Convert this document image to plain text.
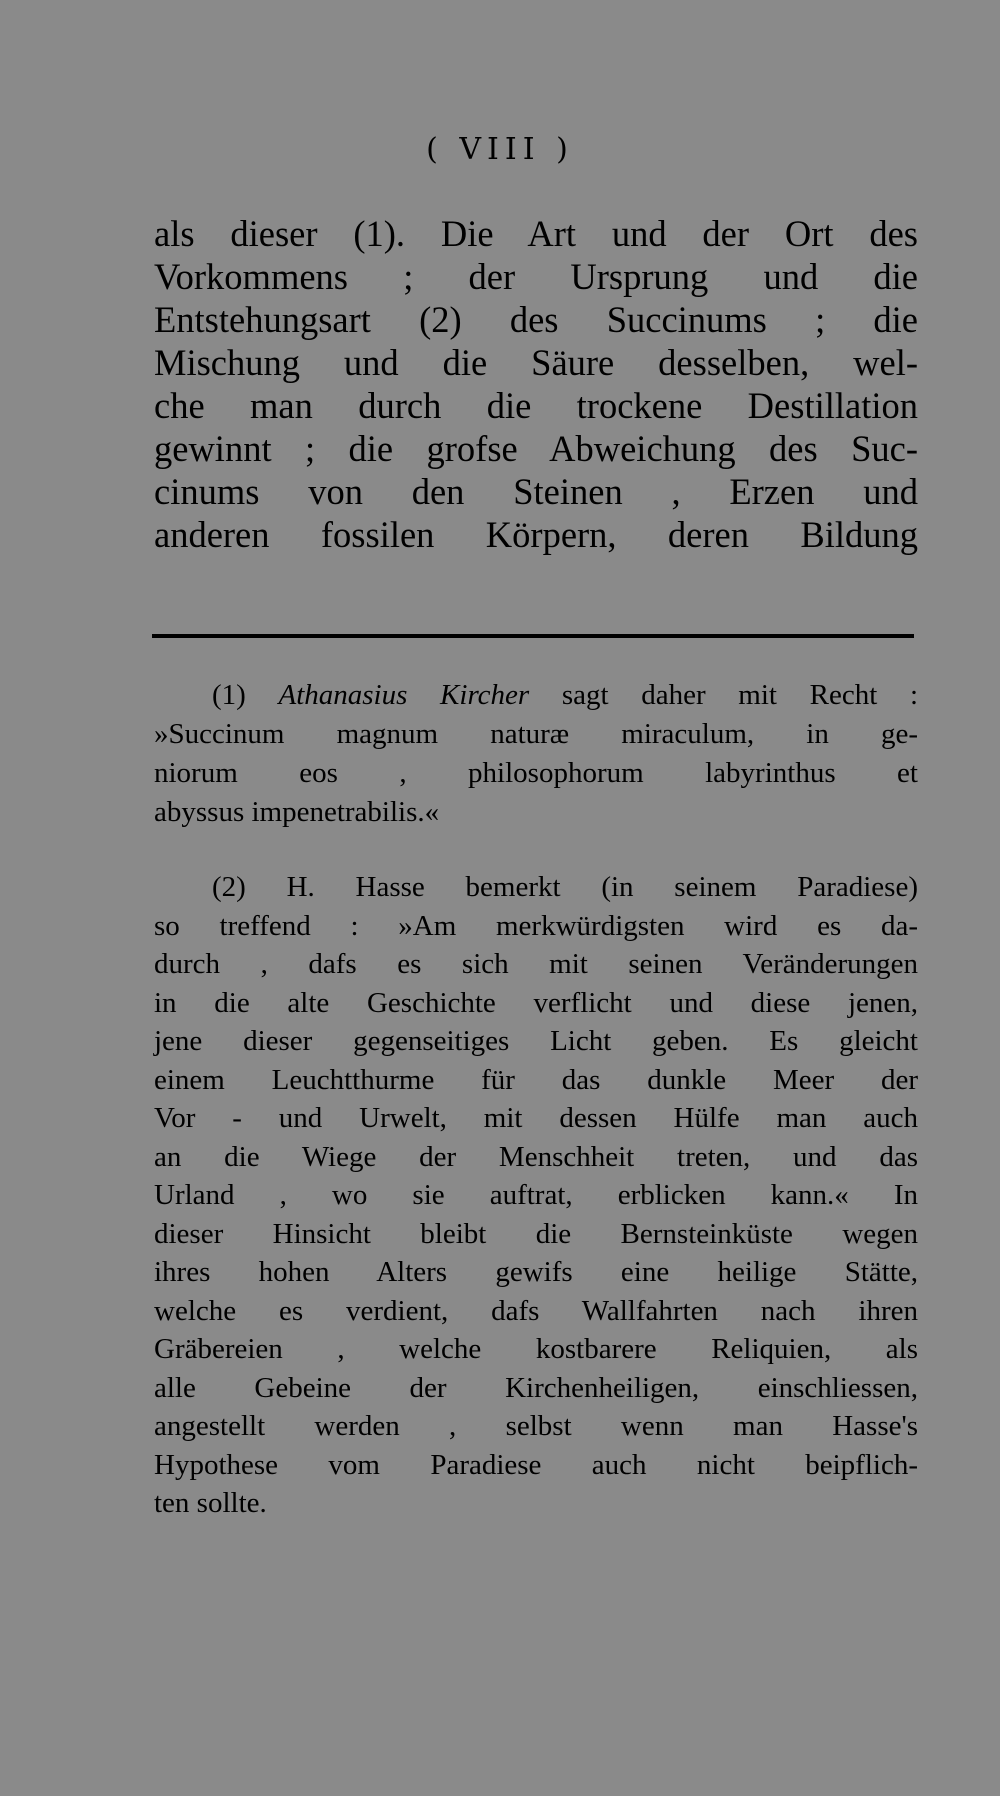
( VIII )
als dieser (1). Die Art und der Ort des
Vorkommens ; der Ursprung und die
Entstehungsart (2) des Succinums ; die
Mischung und die Säure desselben, wel-
che man durch die trockene Destillation
gewinnt ; die grofse Abweichung des Suc-
cinums von den Steinen , Erzen und
anderen fossilen Körpern, deren Bildung
(1) Athanasius Kircher sagt daher mit Recht :
»Succinum magnum naturæ miraculum, in ge-
niorum eos , philosophorum labyrinthus et
abyssus impenetrabilis.«
(2) H. Hasse bemerkt (in seinem Paradiese)
so treffend : »Am merkwürdigsten wird es da-
durch , dafs es sich mit seinen Veränderungen
in die alte Geschichte verflicht und diese jenen,
jene dieser gegenseitiges Licht geben. Es gleicht
einem Leuchtthurme für das dunkle Meer der
Vor - und Urwelt, mit dessen Hülfe man auch
an die Wiege der Menschheit treten, und das
Urland , wo sie auftrat, erblicken kann.« In
dieser Hinsicht bleibt die Bernsteinküste wegen
ihres hohen Alters gewifs eine heilige Stätte,
welche es verdient, dafs Wallfahrten nach ihren
Gräbereien , welche kostbarere Reliquien, als
alle Gebeine der Kirchenheiligen, einschliessen,
angestellt werden , selbst wenn man Hasse's
Hypothese vom Paradiese auch nicht beipflich-
ten sollte.
